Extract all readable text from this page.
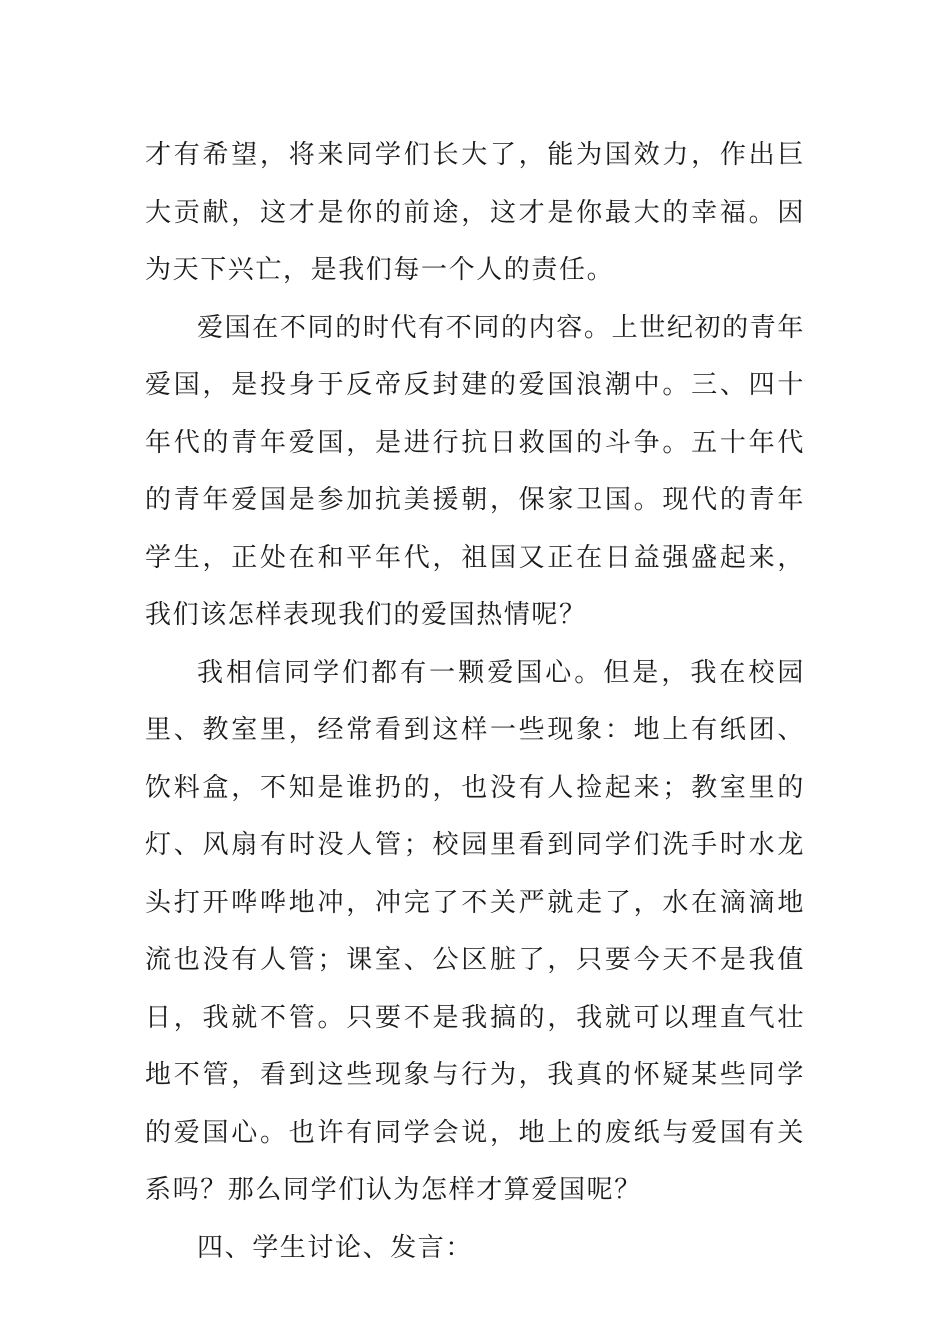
才有希望，将来同学们长大了，能为国效力，作出巨大贡献，这才是你的前途，这才是你最大的幸福。因为天下兴亡，是我们每一个人的责任。

爱国在不同的时代有不同的内容。上世纪初的青年爱国，是投身于反帝反封建的爱国浪潮中。三、四十年代的青年爱国，是进行抗日救国的斗争。五十年代的青年爱国是参加抗美援朝，保家卫国。现代的青年学生，正处在和平年代，祖国又正在日益强盛起来，我们该怎样表现我们的爱国热情呢？

我相信同学们都有一颗爱国心。但是，我在校园里、教室里，经常看到这样一些现象：地上有纸团、饮料盒，不知是谁扔的，也没有人捡起来；教室里的灯、风扇有时没人管；校园里看到同学们洗手时水龙头打开哗哗地冲，冲完了不关严就走了，水在滴滴地流也没有人管；课室、公区脏了，只要今天不是我值日，我就不管。只要不是我搞的，我就可以理直气壮地不管，看到这些现象与行为，我真的怀疑某些同学的爱国心。也许有同学会说，地上的废纸与爱国有关系吗？那么同学们认为怎样才算爱国呢？

四、学生讨论、发言：
